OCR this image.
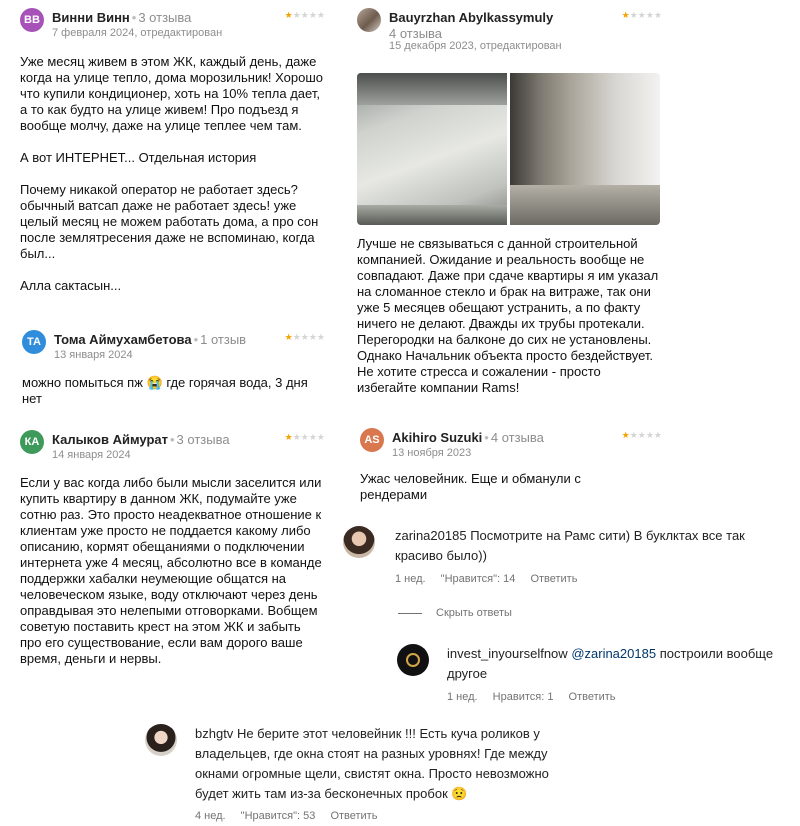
ВВ Винни Винн • 3 отзыва
7 февраля 2024, отредактирован
★★★★★
Уже месяц живем в этом ЖК, каждый день, даже когда на улице тепло, дома морозильник! Хорошо что купили кондиционер, хоть на 10% тепла дает, а то как будто на улице живем! Про подъезд я вообще молчу, даже на улице теплее чем там.

А вот ИНТЕРНЕТ... Отдельная история

Почему никакой оператор не работает здесь? обычный ватсап даже не работает здесь! уже целый месяц не можем работать дома, а про сон после землятресения даже не вспоминаю, когда был...

Алла сактасын...
ТА	Тома Аймухамбетова • 1 отзыв
13 января 2024
★★★★★
можно помыться пж 😭 где горячая вода, 3 дня нет
КА Калыков Аймурат • 3 отзыва
14 января 2024
★★★★★
Если у вас когда либо были мысли заселится или купить квартиру в данном ЖК, подумайте уже сотню раз. Это просто неадекватное отношение к клиентам уже просто не поддается какому либо описанию, кормят обещаниями о подключении интернета уже 4 месяц, абсолютно все в команде поддержки хабалки неумеющие общатся на человеческом языке, воду отключают через день оправдывая это нелепыми отговорками. Вобщем советую поставить крест на этом ЖК и забыть про его существование, если вам дорого ваше время, деньги и нервы.
Bauyrzhan Abylkassymuly
4 отзыва
★★★★★
15 декабря 2023, отредактирован
Лучше не связываться с данной строительной компанией. Ожидание и реальность вообще не совпадают. Даже при сдаче квартиры я им указал на сломанное стекло и брак на витраже, так они уже 5 месяцев обещают устранить, а по факту ничего не делают. Дважды их трубы протекали. Перегородки на балконе до сих не установлены. Однако Начальник объекта просто бездействует.
Не хотите стресса и сожалении - просто избегайте компании Rams!
AS Akihiro Suzuki • 4 отзыва
13 ноября 2023
★★★★★
Ужас человейник. Еще и обманули с рендерами
zarina20185 Посмотрите на Рамс сити) В буклктах все так красиво было))
1 нед. "Нравится": 14 Ответить
Скрыть ответы
invest_inyourselfnow @zarina20185 построили вообще другое
1 нед. Нравится: 1 Ответить
bzhgtv Не берите этот человейник !!! Есть куча роликов у владельцев, где окна стоят на разных уровнях! Где между окнами огромные щели, свистят окна. Просто невозможно будет жить там из-за бесконечных пробок 😟
4 нед. "Нравится": 53 Ответить
